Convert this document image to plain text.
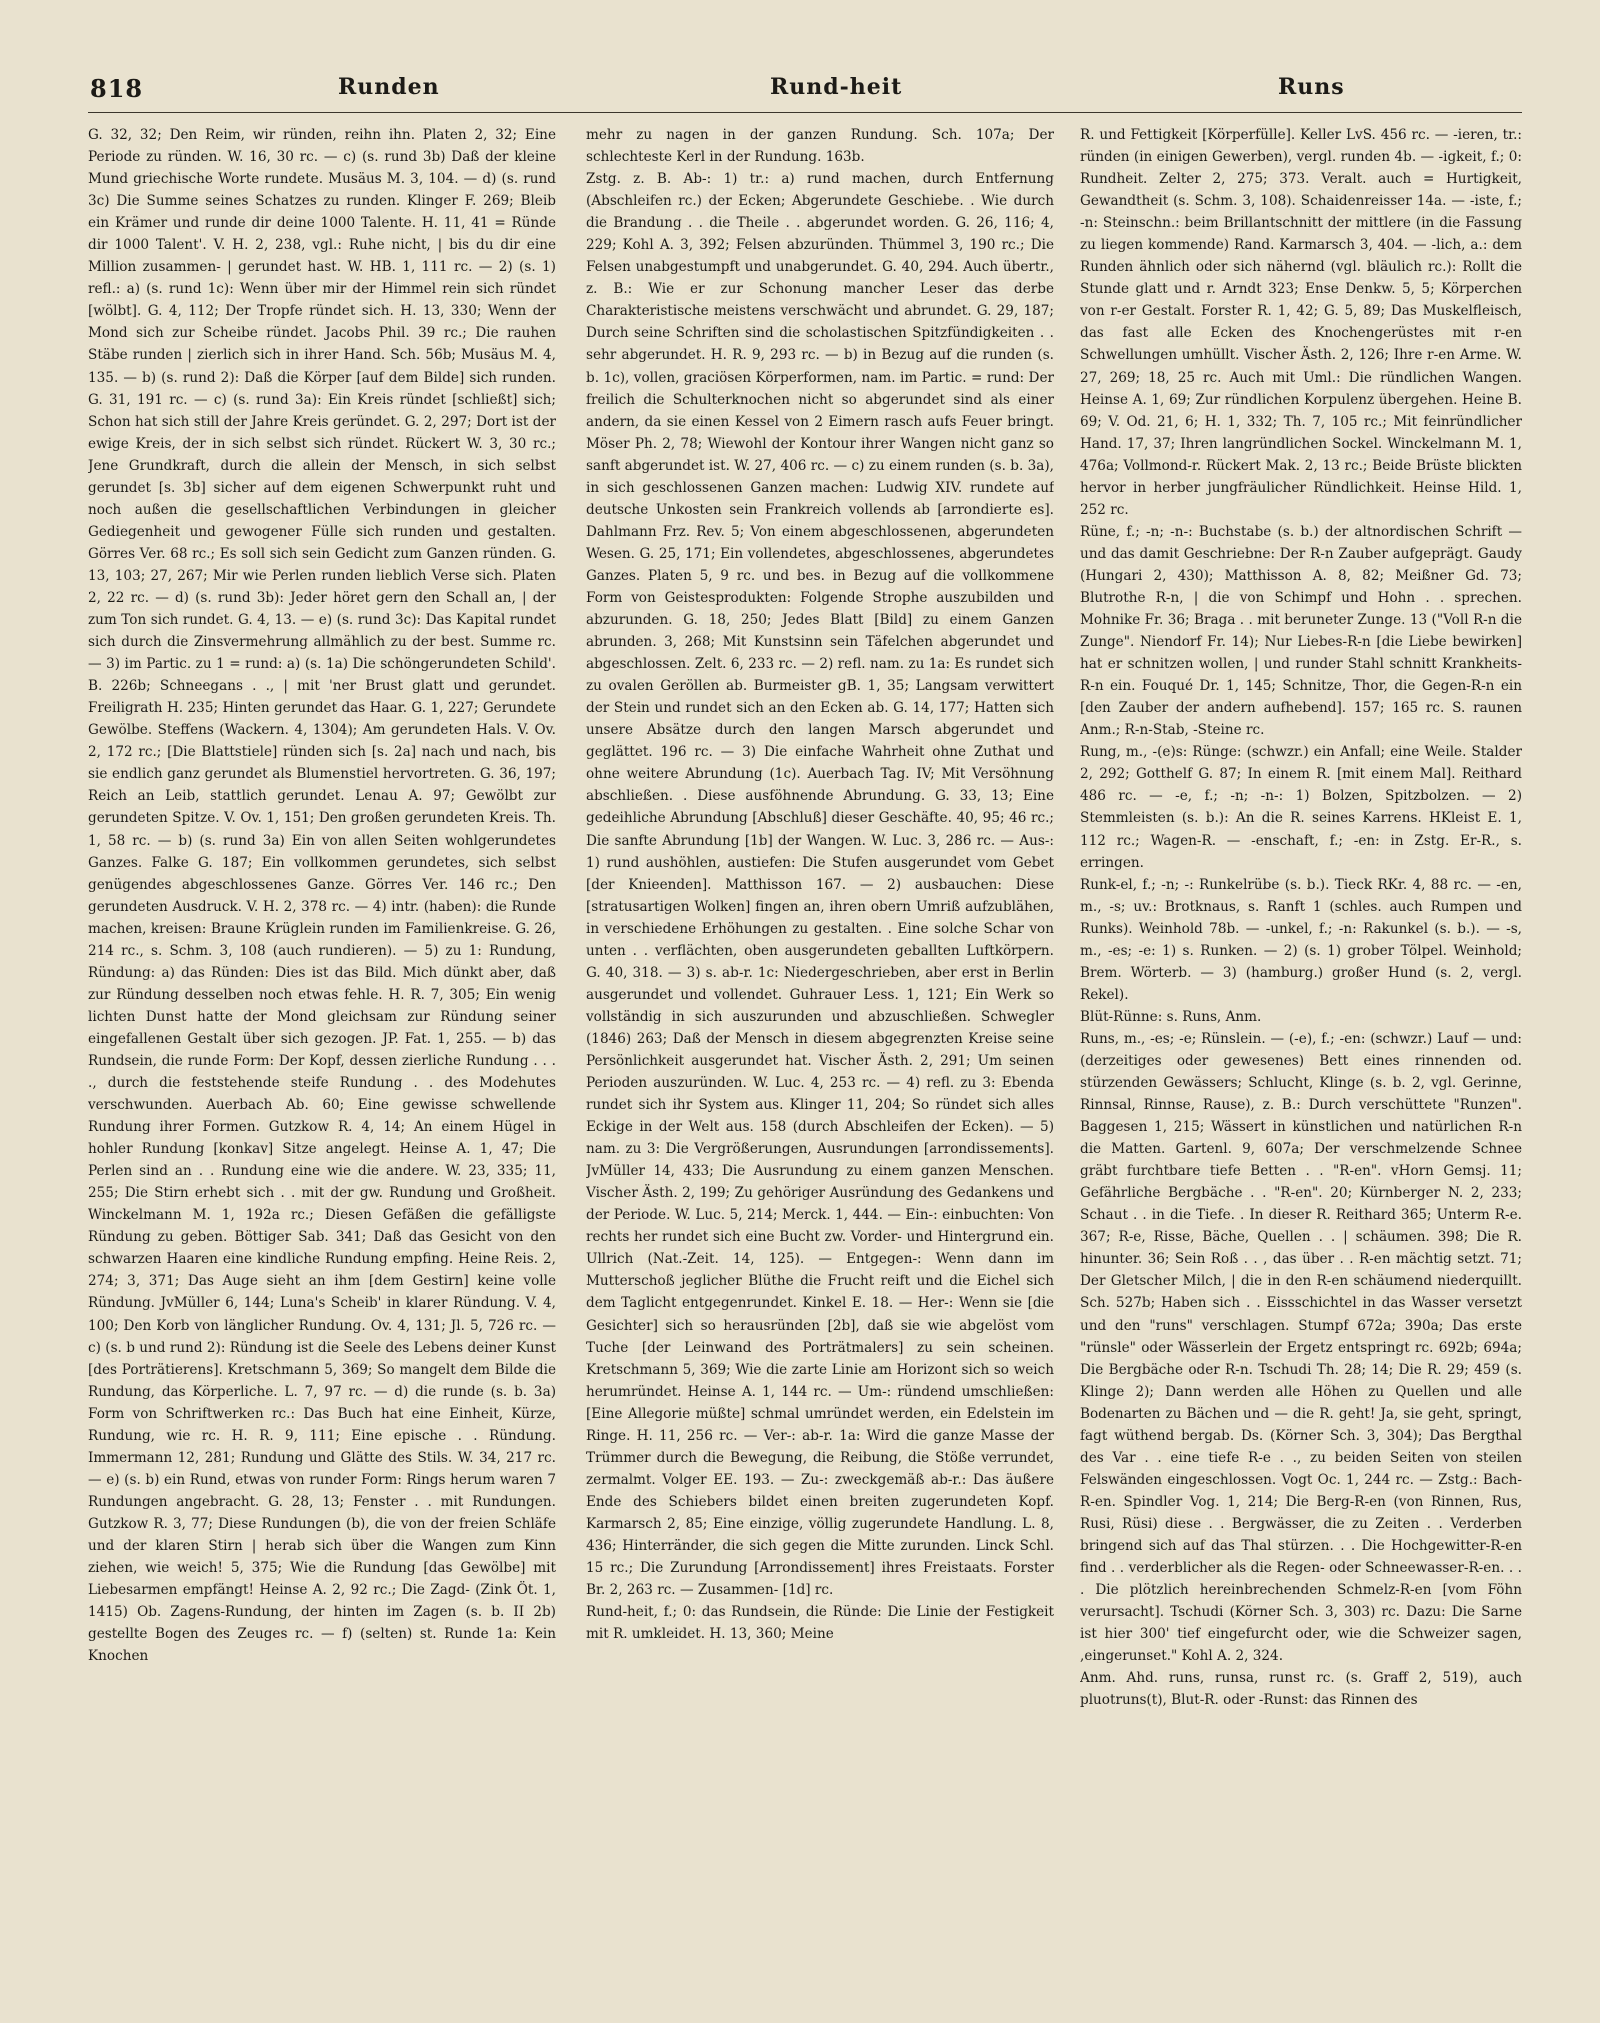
818	Runden	Rund-heit	Runs

G. 32, 32; Den Reim, wir ründen, reihn ihn. Platen 2, 32; Eine Periode zu ründen. W. 16, 30 rc. — c) (s. rund 3b) Daß der kleine Mund griechische Worte rundete. Musäus M. 3, 104. — d) (s. rund 3c) Die Summe seines Schatzes zu runden. Klinger F. 269; Bleib ein Krämer und runde dir deine 1000 Talente. H. 11, 41 = Ründe dir 1000 Talent'. V. H. 2, 238, vgl.: Ruhe nicht, | bis du dir eine Million zusammen- | gerundet hast. W. HB. 1, 111 rc. — 2) (s. 1) refl.: a) (s. rund 1c): Wenn über mir der Himmel rein sich ründet [wölbt]. G. 4, 112; Der Tropfe ründet sich. H. 13, 330; Wenn der Mond sich zur Scheibe ründet. Jacobs Phil. 39 rc.; Die rauhen Stäbe runden | zierlich sich in ihrer Hand. Sch. 56b; Musäus M. 4, 135. — b) (s. rund 2): Daß die Körper [auf dem Bilde] sich runden. G. 31, 191 rc. — c) (s. rund 3a): Ein Kreis ründet [schließt] sich; Schon hat sich still der Jahre Kreis geründet. G. 2, 297; Dort ist der ewige Kreis, der in sich selbst sich ründet. Rückert W. 3, 30 rc.; Jene Grundkraft, durch die allein der Mensch, in sich selbst gerundet [s. 3b] sicher auf dem eigenen Schwerpunkt ruht und noch außen die gesellschaftlichen Verbindungen in gleicher Gediegenheit und gewogener Fülle sich runden und gestalten. Görres Ver. 68 rc.; Es soll sich sein Gedicht zum Ganzen ründen. G. 13, 103; 27, 267; Mir wie Perlen runden lieblich Verse sich. Platen 2, 22 rc. — d) (s. rund 3b): Jeder höret gern den Schall an, | der zum Ton sich rundet. G. 4, 13. — e) (s. rund 3c): Das Kapital rundet sich durch die Zinsvermehrung allmählich zu der best. Summe rc. — 3) im Partic. zu 1 = rund: a) (s. 1a) Die schöngerundeten Schild'. B. 226b; Schneegans . ., | mit 'ner Brust glatt und gerundet. Freiligrath H. 235; Hinten gerundet das Haar. G. 1, 227; Gerundete Gewölbe. Steffens (Wackern. 4, 1304); Am gerundeten Hals. V. Ov. 2, 172 rc.; [Die Blattstiele] ründen sich [s. 2a] nach und nach, bis sie endlich ganz gerundet als Blumenstiel hervortreten. G. 36, 197; Reich an Leib, stattlich gerundet. Lenau A. 97; Gewölbt zur gerundeten Spitze. V. Ov. 1, 151; Den großen gerundeten Kreis. Th. 1, 58 rc. — b) (s. rund 3a) Ein von allen Seiten wohlgerundetes Ganzes. Falke G. 187; Ein vollkommen gerundetes, sich selbst genügendes abgeschlossenes Ganze. Görres Ver. 146 rc.; Den gerundeten Ausdruck. V. H. 2, 378 rc. — 4) intr. (haben): die Runde machen, kreisen: Braune Krüglein runden im Familienkreise. G. 26, 214 rc., s. Schm. 3, 108 (auch rundieren). — 5) zu 1: Rundung, Ründung: a) das Ründen: Dies ist das Bild. Mich dünkt aber, daß zur Ründung desselben noch etwas fehle. H. R. 7, 305; Ein wenig lichten Dunst hatte der Mond gleichsam zur Ründung seiner eingefallenen Gestalt über sich gezogen. JP. Fat. 1, 255. — b) das Rundsein, die runde Form: Der Kopf, dessen zierliche Rundung . . . ., durch die feststehende steife Rundung . . des Modehutes verschwunden. Auerbach Ab. 60; Eine gewisse schwellende Rundung ihrer Formen. Gutzkow R. 4, 14; An einem Hügel in hohler Rundung [konkav] Sitze angelegt. Heinse A. 1, 47; Die Perlen sind an . . Rundung eine wie die andere. W. 23, 335; 11, 255; Die Stirn erhebt sich . . mit der gw. Rundung und Großheit. Winckelmann M. 1, 192a rc.; Diesen Gefäßen die gefälligste Ründung zu geben. Böttiger Sab. 341; Daß das Gesicht von den schwarzen Haaren eine kindliche Rundung empfing. Heine Reis. 2, 274; 3, 371; Das Auge sieht an ihm [dem Gestirn] keine volle Ründung. JvMüller 6, 144; Luna's Scheib' in klarer Ründung. V. 4, 100; Den Korb von länglicher Rundung. Ov. 4, 131; Jl. 5, 726 rc. — c) (s. b und rund 2): Ründung ist die Seele des Lebens deiner Kunst [des Porträtierens]. Kretschmann 5, 369; So mangelt dem Bilde die Rundung, das Körperliche. L. 7, 97 rc. — d) die runde (s. b. 3a) Form von Schriftwerken rc.: Das Buch hat eine Einheit, Kürze, Rundung, wie rc. H. R. 9, 111; Eine epische . . Ründung. Immermann 12, 281; Rundung und Glätte des Stils. W. 34, 217 rc. — e) (s. b) ein Rund, etwas von runder Form: Rings herum waren 7 Rundungen angebracht. G. 28, 13; Fenster . . mit Rundungen. Gutzkow R. 3, 77; Diese Rundungen (b), die von der freien Schläfe und der klaren Stirn | herab sich über die Wangen zum Kinn ziehen, wie weich! 5, 375; Wie die Rundung [das Gewölbe] mit Liebesarmen empfängt! Heinse A. 2, 92 rc.; Die Zagd- (Zink Öt. 1, 1415) Ob. Zagens-Rundung, der hinten im Zagen (s. b. II 2b) gestellte Bogen des Zeuges rc. — f) (selten) st. Runde 1a: Kein Knochen

mehr zu nagen in der ganzen Rundung. Sch. 107a; Der schlechteste Kerl in der Rundung. 163b.

Zstg. z. B. Ab-: 1) tr.: a) rund machen, durch Entfernung (Abschleifen rc.) der Ecken; Abgerundete Geschiebe. . Wie durch die Brandung . . die Theile . . abgerundet worden. G. 26, 116; 4, 229; Kohl A. 3, 392; Felsen abzuründen. Thümmel 3, 190 rc.; Die Felsen unabgestumpft und unabgerundet. G. 40, 294. Auch übertr., z. B.: Wie er zur Schonung mancher Leser das derbe Charakteristische meistens verschwächt und abrundet. G. 29, 187; Durch seine Schriften sind die scholastischen Spitzfündigkeiten . . sehr abgerundet. H. R. 9, 293 rc. — b) in Bezug auf die runden (s. b. 1c), vollen, graciösen Körperformen, nam. im Partic. = rund: Der freilich die Schulterknochen nicht so abgerundet sind als einer andern, da sie einen Kessel von 2 Eimern rasch aufs Feuer bringt. Möser Ph. 2, 78; Wiewohl der Kontour ihrer Wangen nicht ganz so sanft abgerundet ist. W. 27, 406 rc. — c) zu einem runden (s. b. 3a), in sich geschlossenen Ganzen machen: Ludwig XIV. rundete auf deutsche Unkosten sein Frankreich vollends ab [arrondierte es]. Dahlmann Frz. Rev. 5; Von einem abgeschlossenen, abgerundeten Wesen. G. 25, 171; Ein vollendetes, abgeschlossenes, abgerundetes Ganzes. Platen 5, 9 rc. und bes. in Bezug auf die vollkommene Form von Geistesprodukten: Folgende Strophe auszubilden und abzurunden. G. 18, 250; Jedes Blatt [Bild] zu einem Ganzen abrunden. 3, 268; Mit Kunstsinn sein Täfelchen abgerundet und abgeschlossen. Zelt. 6, 233 rc. — 2) refl. nam. zu 1a: Es rundet sich zu ovalen Geröllen ab. Burmeister gB. 1, 35; Langsam verwittert der Stein und rundet sich an den Ecken ab. G. 14, 177; Hatten sich unsere Absätze durch den langen Marsch abgerundet und geglättet. 196 rc. — 3) Die einfache Wahrheit ohne Zuthat und ohne weitere Abrundung (1c). Auerbach Tag. IV; Mit Versöhnung abschließen. . Diese ausföhnende Abrundung. G. 33, 13; Eine gedeihliche Abrundung [Abschluß] dieser Geschäfte. 40, 95; 46 rc.; Die sanfte Abrundung [1b] der Wangen. W. Luc. 3, 286 rc. — Aus-: 1) rund aushöhlen, austiefen: Die Stufen ausgerundet vom Gebet [der Knieenden]. Matthisson 167. — 2) ausbauchen: Diese [stratusartigen Wolken] fingen an, ihren obern Umriß aufzublähen, in verschiedene Erhöhungen zu gestalten. . Eine solche Schar von unten . . verflächten, oben ausgerundeten geballten Luftkörpern. G. 40, 318. — 3) s. ab-r. 1c: Niedergeschrieben, aber erst in Berlin ausgerundet und vollendet. Guhrauer Less. 1, 121; Ein Werk so vollständig in sich auszurunden und abzuschließen. Schwegler (1846) 263; Daß der Mensch in diesem abgegrenzten Kreise seine Persönlichkeit ausgerundet hat. Vischer Ästh. 2, 291; Um seinen Perioden auszuründen. W. Luc. 4, 253 rc. — 4) refl. zu 3: Ebenda rundet sich ihr System aus. Klinger 11, 204; So ründet sich alles Eckige in der Welt aus. 158 (durch Abschleifen der Ecken). — 5) nam. zu 3: Die Vergrößerungen, Ausrundungen [arrondissements]. JvMüller 14, 433; Die Ausrundung zu einem ganzen Menschen. Vischer Ästh. 2, 199; Zu gehöriger Ausründung des Gedankens und der Periode. W. Luc. 5, 214; Merck. 1, 444. — Ein-: einbuchten: Von rechts her rundet sich eine Bucht zw. Vorder- und Hintergrund ein. Ullrich (Nat.-Zeit. 14, 125). — Entgegen-: Wenn dann im Mutterschoß jeglicher Blüthe die Frucht reift und die Eichel sich dem Taglicht entgegenrundet. Kinkel E. 18. — Her-: Wenn sie [die Gesichter] sich so herausründen [2b], daß sie wie abgelöst vom Tuche [der Leinwand des Porträtmalers] zu sein scheinen. Kretschmann 5, 369; Wie die zarte Linie am Horizont sich so weich herumründet. Heinse A. 1, 144 rc. — Um-: ründend umschließen: [Eine Allegorie müßte] schmal umründet werden, ein Edelstein im Ringe. H. 11, 256 rc. — Ver-: ab-r. 1a: Wird die ganze Masse der Trümmer durch die Bewegung, die Reibung, die Stöße verrundet, zermalmt. Volger EE. 193. — Zu-: zweckgemäß ab-r.: Das äußere Ende des Schiebers bildet einen breiten zugerundeten Kopf. Karmarsch 2, 85; Eine einzige, völlig zugerundete Handlung. L. 8, 436; Hinterränder, die sich gegen die Mitte zurunden. Linck Schl. 15 rc.; Die Zurundung [Arrondissement] ihres Freistaats. Forster Br. 2, 263 rc. — Zusammen- [1d] rc.

Rund-heit, f.; 0: das Rundsein, die Ründe: Die Linie der Festigkeit mit R. umkleidet. H. 13, 360; Meine

R. und Fettigkeit [Körperfülle]. Keller LvS. 456 rc. — -ieren, tr.: ründen (in einigen Gewerben), vergl. runden 4b. — -igkeit, f.; 0: Rundheit. Zelter 2, 275; 373. Veralt. auch = Hurtigkeit, Gewandtheit (s. Schm. 3, 108). Schaidenreisser 14a. — -iste, f.; -n: Steinschn.: beim Brillantschnitt der mittlere (in die Fassung zu liegen kommende) Rand. Karmarsch 3, 404. — -lich, a.: dem Runden ähnlich oder sich nähernd (vgl. bläulich rc.): Rollt die Stunde glatt und r. Arndt 323; Ense Denkw. 5, 5; Körperchen von r-er Gestalt. Forster R. 1, 42; G. 5, 89; Das Muskelfleisch, das fast alle Ecken des Knochengerüstes mit r-en Schwellungen umhüllt. Vischer Ästh. 2, 126; Ihre r-en Arme. W. 27, 269; 18, 25 rc. Auch mit Uml.: Die ründlichen Wangen. Heinse A. 1, 69; Zur ründlichen Korpulenz übergehen. Heine B. 69; V. Od. 21, 6; H. 1, 332; Th. 7, 105 rc.; Mit feinründlicher Hand. 17, 37; Ihren langründlichen Sockel. Winckelmann M. 1, 476a; Vollmond-r. Rückert Mak. 2, 13 rc.; Beide Brüste blickten hervor in herber jungfräulicher Ründlichkeit. Heinse Hild. 1, 252 rc.

Rüne, f.; -n; -n-: Buchstabe (s. b.) der altnordischen Schrift — und das damit Geschriebne: Der R-n Zauber aufgeprägt. Gaudy (Hungari 2, 430); Matthisson A. 8, 82; Meißner Gd. 73; Blutrothe R-n, | die von Schimpf und Hohn . . sprechen. Mohnike Fr. 36; Braga . . mit beruneter Zunge. 13 ("Voll R-n die Zunge". Niendorf Fr. 14); Nur Liebes-R-n [die Liebe bewirken] hat er schnitzen wollen, | und runder Stahl schnitt Krankheits-R-n ein. Fouqué Dr. 1, 145; Schnitze, Thor, die Gegen-R-n ein [den Zauber der andern aufhebend]. 157; 165 rc. S. raunen Anm.; R-n-Stab, -Steine rc.

Rung, m., -(e)s: Rünge: (schwzr.) ein Anfall; eine Weile. Stalder 2, 292; Gotthelf G. 87; In einem R. [mit einem Mal]. Reithard 486 rc. — -e, f.; -n; -n-: 1) Bolzen, Spitzbolzen. — 2) Stemmleisten (s. b.): An die R. seines Karrens. HKleist E. 1, 112 rc.; Wagen-R. — -enschaft, f.; -en: in Zstg. Er-R., s. erringen.

Runk-el, f.; -n; -: Runkelrübe (s. b.). Tieck RKr. 4, 88 rc. — -en, m., -s; uv.: Brotknaus, s. Ranft 1 (schles. auch Rumpen und Runks). Weinhold 78b. — -unkel, f.; -n: Rakunkel (s. b.). — -s, m., -es; -e: 1) s. Runken. — 2) (s. 1) grober Tölpel. Weinhold; Brem. Wörterb. — 3) (hamburg.) großer Hund (s. 2, vergl. Rekel).

Blüt-Rünne: s. Runs, Anm.

Runs, m., -es; -e; Rünslein. — (-e), f.; -en: (schwzr.) Lauf — und: (derzeitiges oder gewesenes) Bett eines rinnenden od. stürzenden Gewässers; Schlucht, Klinge (s. b. 2, vgl. Gerinne, Rinnsal, Rinnse, Rause), z. B.: Durch verschüttete "Runzen". Baggesen 1, 215; Wässert in künstlichen und natürlichen R-n die Matten. Gartenl. 9, 607a; Der verschmelzende Schnee gräbt furchtbare tiefe Betten . . "R-en". vHorn Gemsj. 11; Gefährliche Bergbäche . . "R-en". 20; Kürnberger N. 2, 233; Schaut . . in die Tiefe. . In dieser R. Reithard 365; Unterm R-e. 367; R-e, Risse, Bäche, Quellen . . | schäumen. 398; Die R. hinunter. 36; Sein Roß . . , das über . . R-en mächtig setzt. 71; Der Gletscher Milch, | die in den R-en schäumend niederquillt. Sch. 527b; Haben sich . . Eissschichtel in das Wasser versetzt und den "runs" verschlagen. Stumpf 672a; 390a; Das erste "rünsle" oder Wässerlein der Ergetz entspringt rc. 692b; 694a; Die Bergbäche oder R-n. Tschudi Th. 28; 14; Die R. 29; 459 (s. Klinge 2); Dann werden alle Höhen zu Quellen und alle Bodenarten zu Bächen und — die R. geht! Ja, sie geht, springt, fagt wüthend bergab. Ds. (Körner Sch. 3, 304); Das Bergthal des Var . . eine tiefe R-e . ., zu beiden Seiten von steilen Felswänden eingeschlossen. Vogt Oc. 1, 244 rc. — Zstg.: Bach-R-en. Spindler Vog. 1, 214; Die Berg-R-en (von Rinnen, Rus, Rusi, Rüsi) diese . . Bergwässer, die zu Zeiten . . Verderben bringend sich auf das Thal stürzen. . . Die Hochgewitter-R-en find . . verderblicher als die Regen- oder Schneewasser-R-en. . . . Die plötzlich hereinbrechenden Schmelz-R-en [vom Föhn verursacht]. Tschudi (Körner Sch. 3, 303) rc. Dazu: Die Sarne ist hier 300' tief eingefurcht oder, wie die Schweizer sagen, ,eingerunset." Kohl A. 2, 324.

Anm. Ahd. runs, runsa, runst rc. (s. Graff 2, 519), auch pluotruns(t), Blut-R. oder -Runst: das Rinnen des
